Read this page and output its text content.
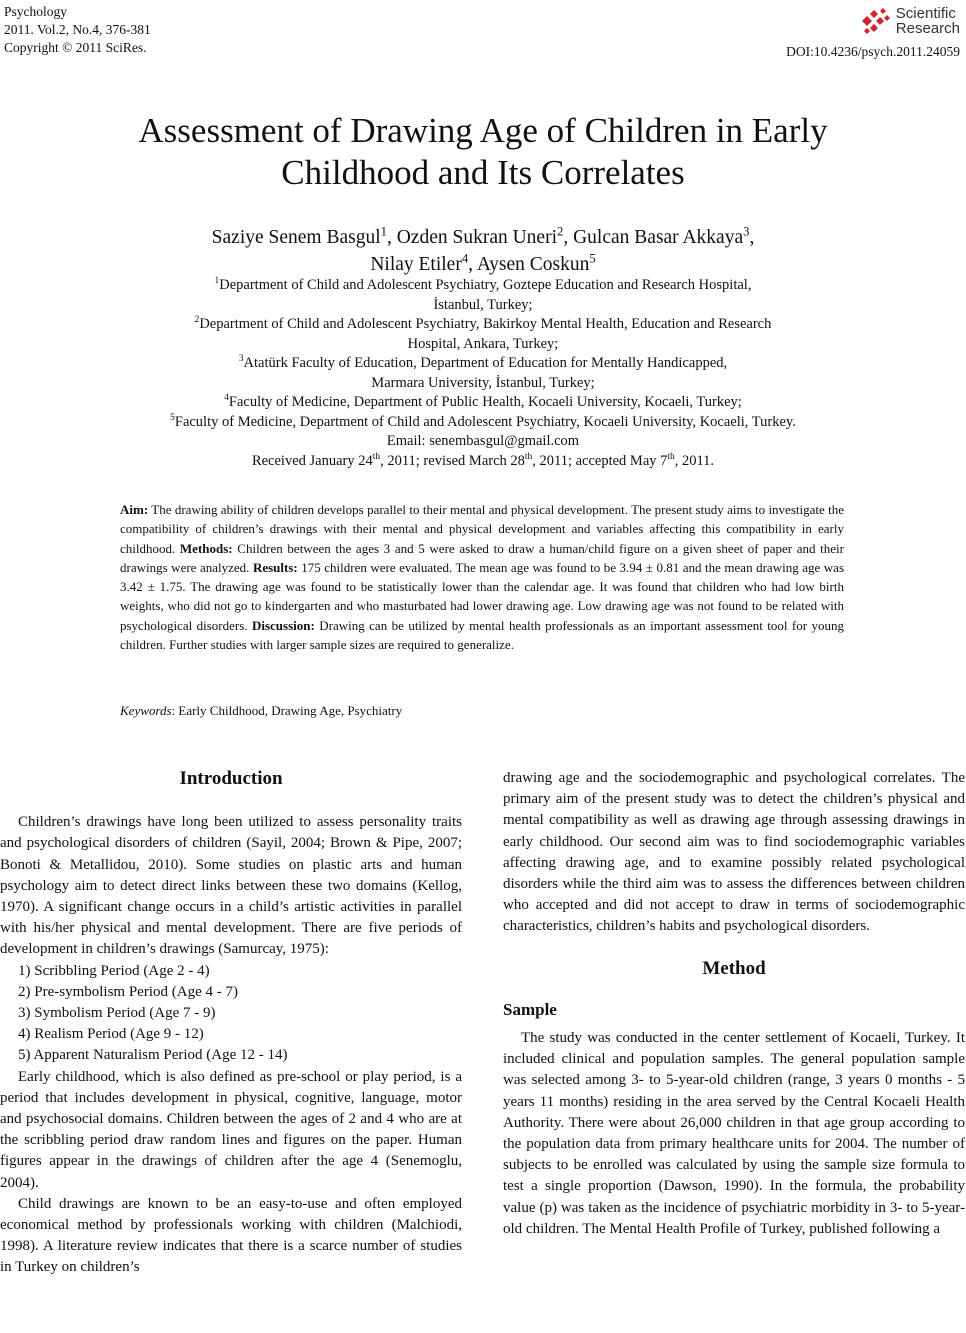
Psychology
2011. Vol.2, No.4, 376-381
Copyright © 2011 SciRes.
Scientific
Research
DOI:10.4236/psych.2011.24059
Assessment of Drawing Age of Children in Early
Childhood and Its Correlates
Saziye Senem Basgul$^1$, Ozden Sukran Uneri$^2$, Gulcan Basar Akkaya$^3$,
Nilay Etiler$^4$, Aysen Coskun$^5$
$^1$Department of Child and Adolescent Psychiatry, Goztepe Education and Research Hospital,
İstanbul, Turkey;
$^2$Department of Child and Adolescent Psychiatry, Bakirkoy Mental Health, Education and Research
Hospital, Ankara, Turkey;
$^3$Atatürk Faculty of Education, Department of Education for Mentally Handicapped,
Marmara University, İstanbul, Turkey;
$^4$Faculty of Medicine, Department of Public Health, Kocaeli University, Kocaeli, Turkey;
$^5$Faculty of Medicine, Department of Child and Adolescent Psychiatry, Kocaeli University, Kocaeli, Turkey.
Email: senembasgul@gmail.com
Received January 24th, 2011; revised March 28th, 2011; accepted May 7th, 2011.
Aim: The drawing ability of children develops parallel to their mental and physical development. The present study aims to investigate the compatibility of children’s drawings with their mental and physical development and variables affecting this compatibility in early childhood. Methods: Children between the ages 3 and 5 were asked to draw a human/child figure on a given sheet of paper and their drawings were analyzed. Results: 175 children were evaluated. The mean age was found to be 3.94 ± 0.81 and the mean drawing age was 3.42 ± 1.75. The drawing age was found to be statistically lower than the calendar age. It was found that children who had low birth weights, who did not go to kindergarten and who masturbated had lower drawing age. Low drawing age was not found to be related with psychological disorders. Discussion: Drawing can be utilized by mental health professionals as an important assessment tool for young children. Further studies with larger sample sizes are required to generalize.
Keywords: Early Childhood, Drawing Age, Psychiatry
Introduction

Children’s drawings have long been utilized to assess personality traits and psychological disorders of children (Sayil, 2004; Brown & Pipe, 2007; Bonoti & Metallidou, 2010). Some studies on plastic arts and human psychology aim to detect direct links between these two domains (Kellog, 1970). A significant change occurs in a child’s artistic activities in parallel with his/her physical and mental development. There are five periods of development in children’s drawings (Samurcay, 1975):

1) Scribbling Period (Age 2 - 4)
2) Pre-symbolism Period (Age 4 - 7)
3) Symbolism Period (Age 7 - 9)
4) Realism Period (Age 9 - 12)
5) Apparent Naturalism Period (Age 12 - 14)

Early childhood, which is also defined as pre-school or play period, is a period that includes development in physical, cognitive, language, motor and psychosocial domains. Children between the ages of 2 and 4 who are at the scribbling period draw random lines and figures on the paper. Human figures appear in the drawings of children after the age 4 (Senemoglu, 2004).

Child drawings are known to be an easy-to-use and often employed economical method by professionals working with children (Malchiodi, 1998). A literature review indicates that there is a scarce number of studies in Turkey on children’s

drawing age and the sociodemographic and psychological correlates. The primary aim of the present study was to detect the children’s physical and mental compatibility as well as drawing age through assessing drawings in early childhood. Our second aim was to find sociodemographic variables affecting drawing age, and to examine possibly related psychological disorders while the third aim was to assess the differences between children who accepted and did not accept to draw in terms of sociodemographic characteristics, children’s habits and psychological disorders.

Method
Sample

The study was conducted in the center settlement of Kocaeli, Turkey. It included clinical and population samples. The general population sample was selected among 3- to 5-year-old children (range, 3 years 0 months - 5 years 11 months) residing in the area served by the Central Kocaeli Health Authority. There were about 26,000 children in that age group according to the population data from primary healthcare units for 2004. The number of subjects to be enrolled was calculated by using the sample size formula to test a single proportion (Dawson, 1990). In the formula, the probability value (p) was taken as the incidence of psychiatric morbidity in 3- to 5-year-old children. The Mental Health Profile of Turkey, published following a
